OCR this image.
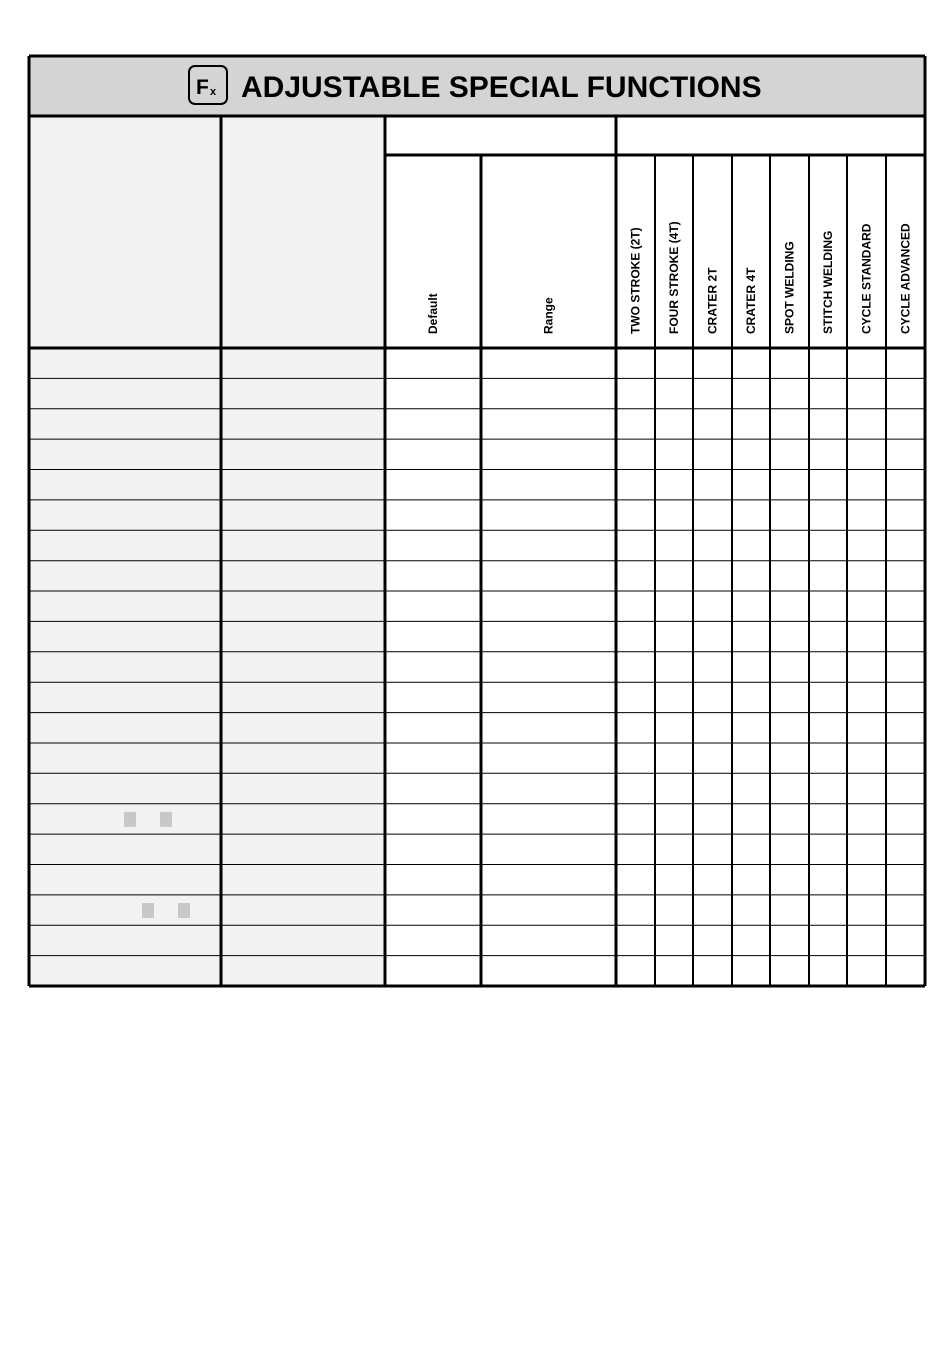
F x ADJUSTABLE SPECIAL FUNCTIONS
Default	Range	TWO STROKE (2T) FOUR STROKE (4T) CRATER 2T CRATER 4T SPOT WELDING STITCH WELDING CYCLE STANDARD CYCLE ADVANCED
